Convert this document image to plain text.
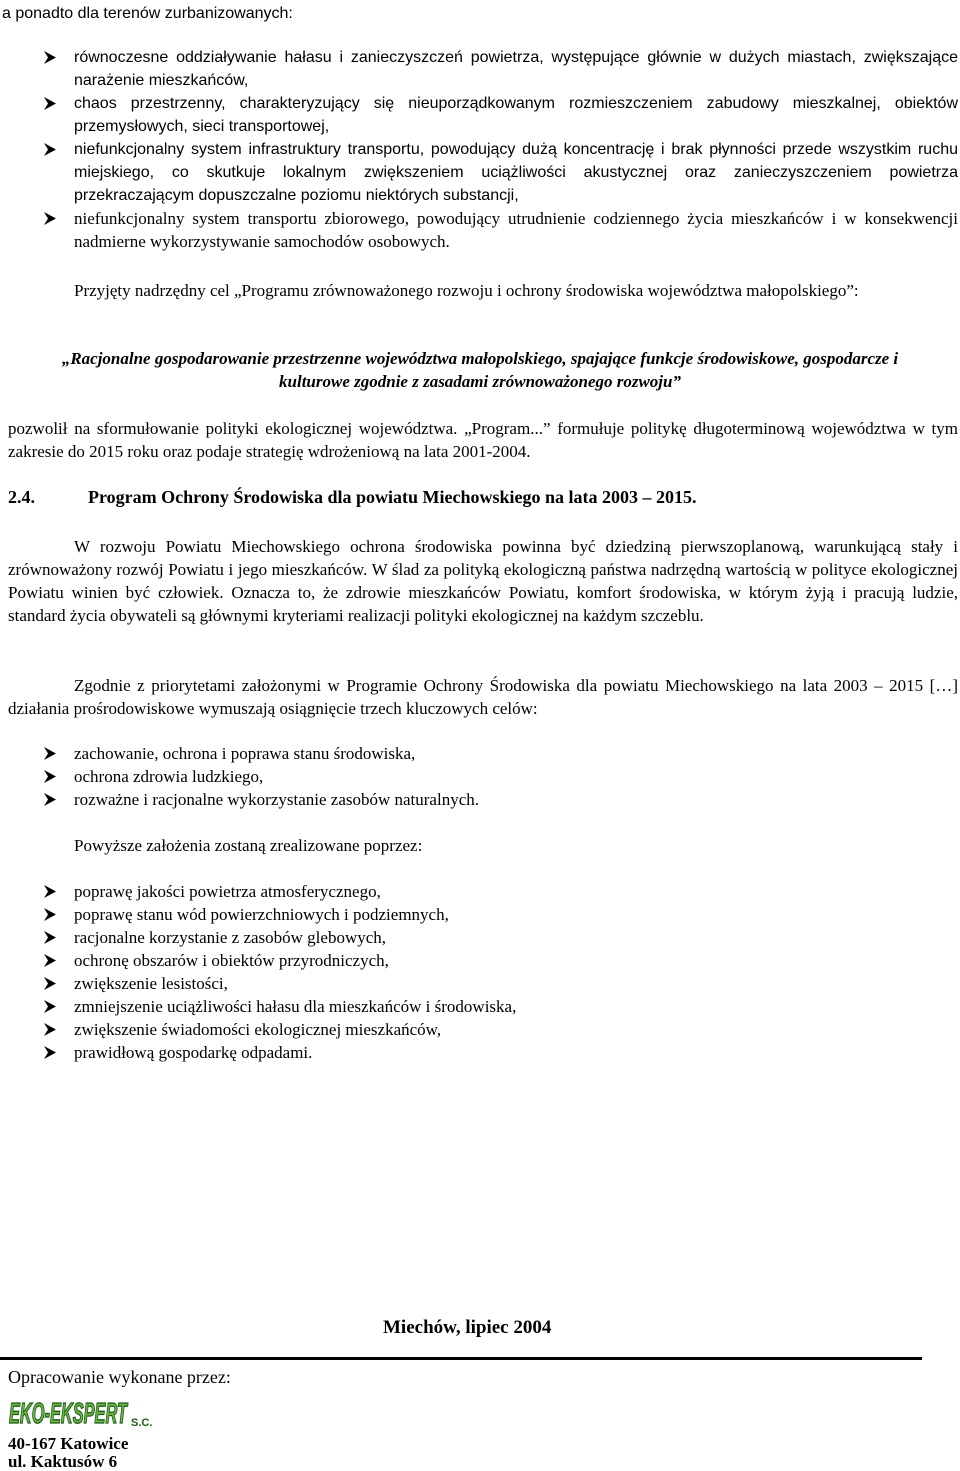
a ponadto dla terenów zurbanizowanych:
równoczesne oddziaływanie hałasu i zanieczyszczeń powietrza, występujące głównie w dużych miastach, zwiększające narażenie mieszkańców,
chaos przestrzenny, charakteryzujący się nieuporządkowanym rozmieszczeniem zabudowy mieszkalnej, obiektów przemysłowych, sieci transportowej,
niefunkcjonalny system infrastruktury transportu, powodujący dużą koncentrację i brak płynności przede wszystkim ruchu miejskiego, co skutkuje lokalnym zwiększeniem uciążliwości akustycznej oraz zanieczyszczeniem powietrza przekraczającym dopuszczalne poziomu niektórych substancji,
niefunkcjonalny system transportu zbiorowego, powodujący utrudnienie codziennego życia mieszkańców i w konsekwencji nadmierne wykorzystywanie samochodów osobowych.
Przyjęty nadrzędny cel „Programu zrównoważonego rozwoju i ochrony środowiska województwa małopolskiego”:
„Racjonalne gospodarowanie przestrzenne województwa małopolskiego, spajające funkcje środowiskowe, gospodarcze i kulturowe zgodnie z zasadami zrównoważonego rozwoju”
pozwolił na sformułowanie polityki ekologicznej województwa. „Program...” formułuje politykę długoterminową województwa w tym zakresie do 2015 roku oraz podaje strategię wdrożeniową na lata 2001-2004.
2.4.	Program Ochrony Środowiska dla powiatu Miechowskiego na lata 2003 – 2015.
W rozwoju Powiatu Miechowskiego ochrona środowiska powinna być dziedziną pierwszoplanową, warunkującą stały i zrównoważony rozwój Powiatu i jego mieszkańców. W ślad za polityką ekologiczną państwa nadrzędną wartością w polityce ekologicznej Powiatu winien być człowiek. Oznacza to, że zdrowie mieszkańców Powiatu, komfort środowiska, w którym żyją i pracują ludzie, standard życia obywateli są głównymi kryteriami realizacji polityki ekologicznej na każdym szczeblu.
Zgodnie z priorytetami założonymi w Programie Ochrony Środowiska dla powiatu Miechowskiego na lata 2003 – 2015 […] działania prośrodowiskowe wymuszają osiągnięcie trzech kluczowych celów:
zachowanie, ochrona i poprawa stanu środowiska,
ochrona zdrowia ludzkiego,
rozważne i racjonalne wykorzystanie zasobów naturalnych.
Powyższe założenia zostaną zrealizowane poprzez:
poprawę jakości powietrza atmosferycznego,
poprawę stanu wód powierzchniowych i podziemnych,
racjonalne korzystanie z zasobów glebowych,
ochronę obszarów i obiektów przyrodniczych,
zwiększenie lesistości,
zmniejszenie uciążliwości hałasu dla mieszkańców i środowiska,
zwiększenie świadomości ekologicznej mieszkańców,
prawidłową gospodarkę odpadami.
Miechów, lipiec 2004
Opracowanie wykonane przez:
EKO-EKSPERT S.C.
40-167 Katowice
ul. Kaktusów 6
